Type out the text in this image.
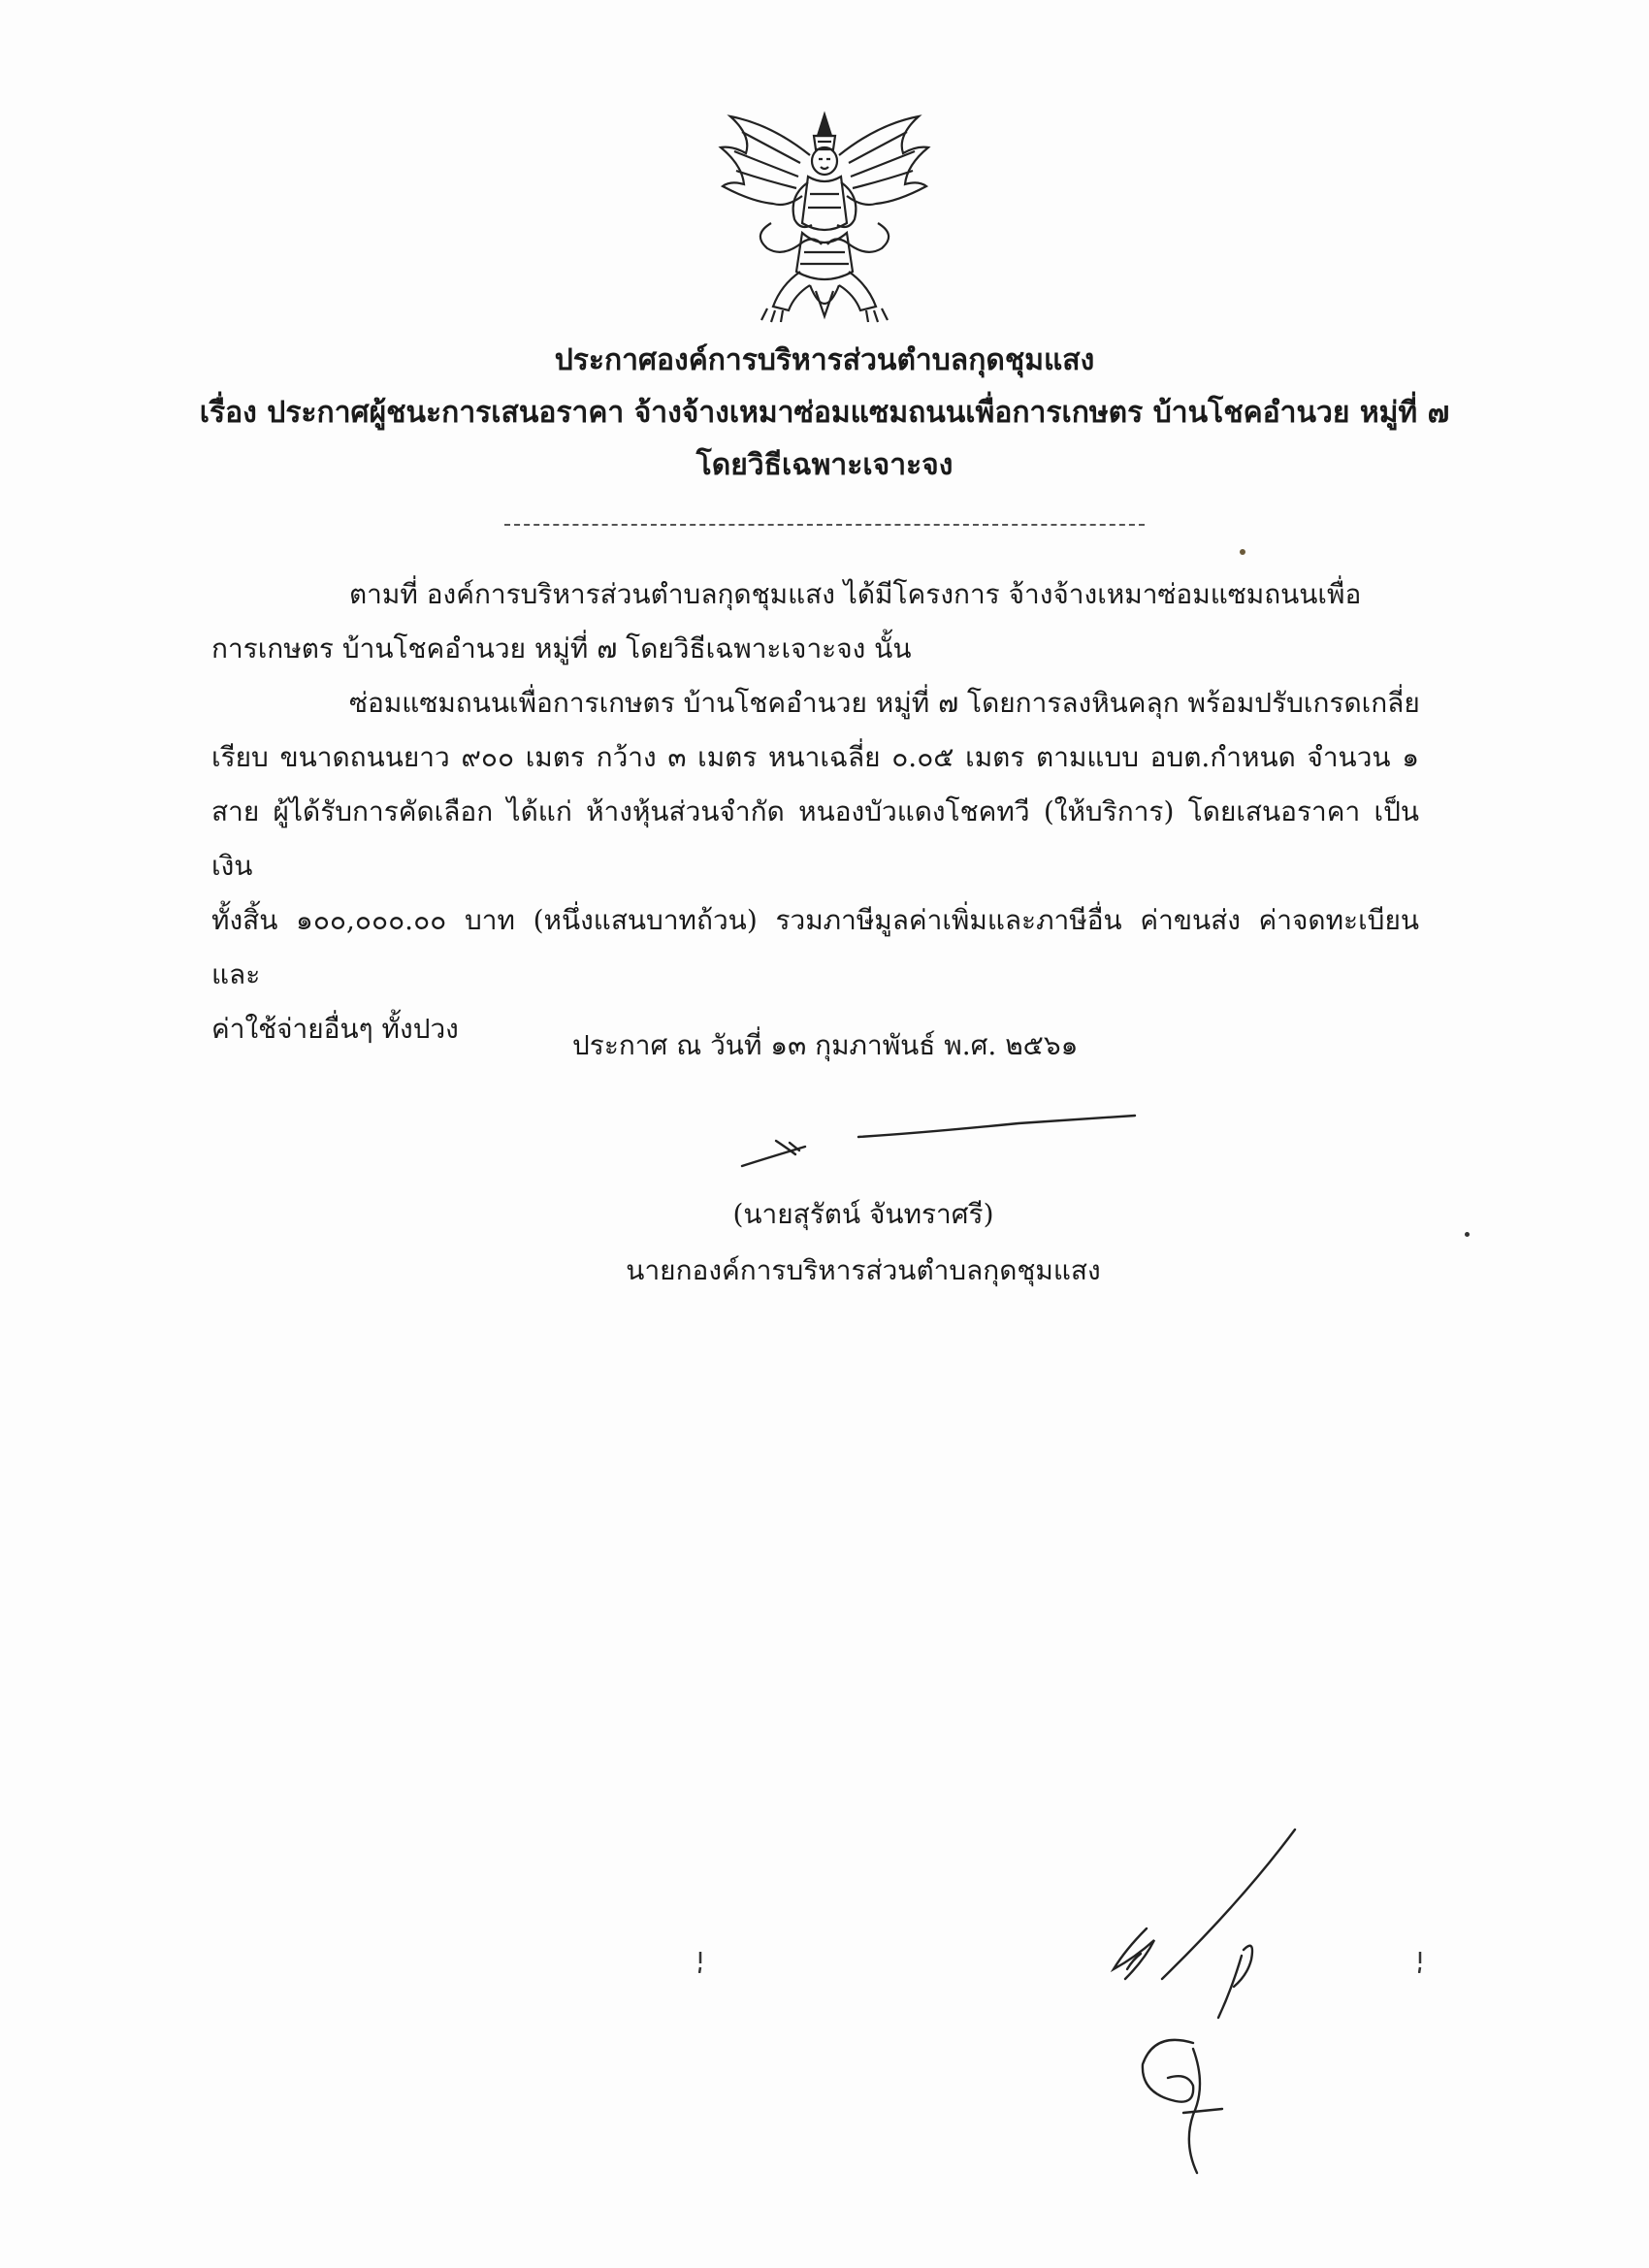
ประกาศองค์การบริหารส่วนตำบลกุดชุมแสง
เรื่อง ประกาศผู้ชนะการเสนอราคา จ้างจ้างเหมาซ่อมแซมถนนเพื่อการเกษตร บ้านโชคอำนวย หมู่ที่ ๗
โดยวิธีเฉพาะเจาะจง
ตามที่ องค์การบริหารส่วนตำบลกุดชุมแสง ได้มีโครงการ จ้างจ้างเหมาซ่อมแซมถนนเพื่อ
การเกษตร บ้านโชคอำนวย หมู่ที่ ๗ โดยวิธีเฉพาะเจาะจง นั้น
ซ่อมแซมถนนเพื่อการเกษตร บ้านโชคอำนวย หมู่ที่ ๗ โดยการลงหินคลุก พร้อมปรับเกรดเกลี่ย
เรียบ ขนาดถนนยาว ๙๐๐ เมตร กว้าง ๓ เมตร หนาเฉลี่ย ๐.๐๕ เมตร ตามแบบ อบต.กำหนด จำนวน ๑
สาย ผู้ได้รับการคัดเลือก ได้แก่ ห้างหุ้นส่วนจำกัด หนองบัวแดงโชคทวี (ให้บริการ) โดยเสนอราคา เป็นเงิน
ทั้งสิ้น ๑๐๐,๐๐๐.๐๐ บาท (หนึ่งแสนบาทถ้วน) รวมภาษีมูลค่าเพิ่มและภาษีอื่น ค่าขนส่ง ค่าจดทะเบียน และ
ค่าใช้จ่ายอื่นๆ ทั้งปวง
ประกาศ ณ วันที่ ๑๓ กุมภาพันธ์ พ.ศ. ๒๕๖๑
(นายสุรัตน์ จันทราศรี)
นายกองค์การบริหารส่วนตำบลกุดชุมแสง
